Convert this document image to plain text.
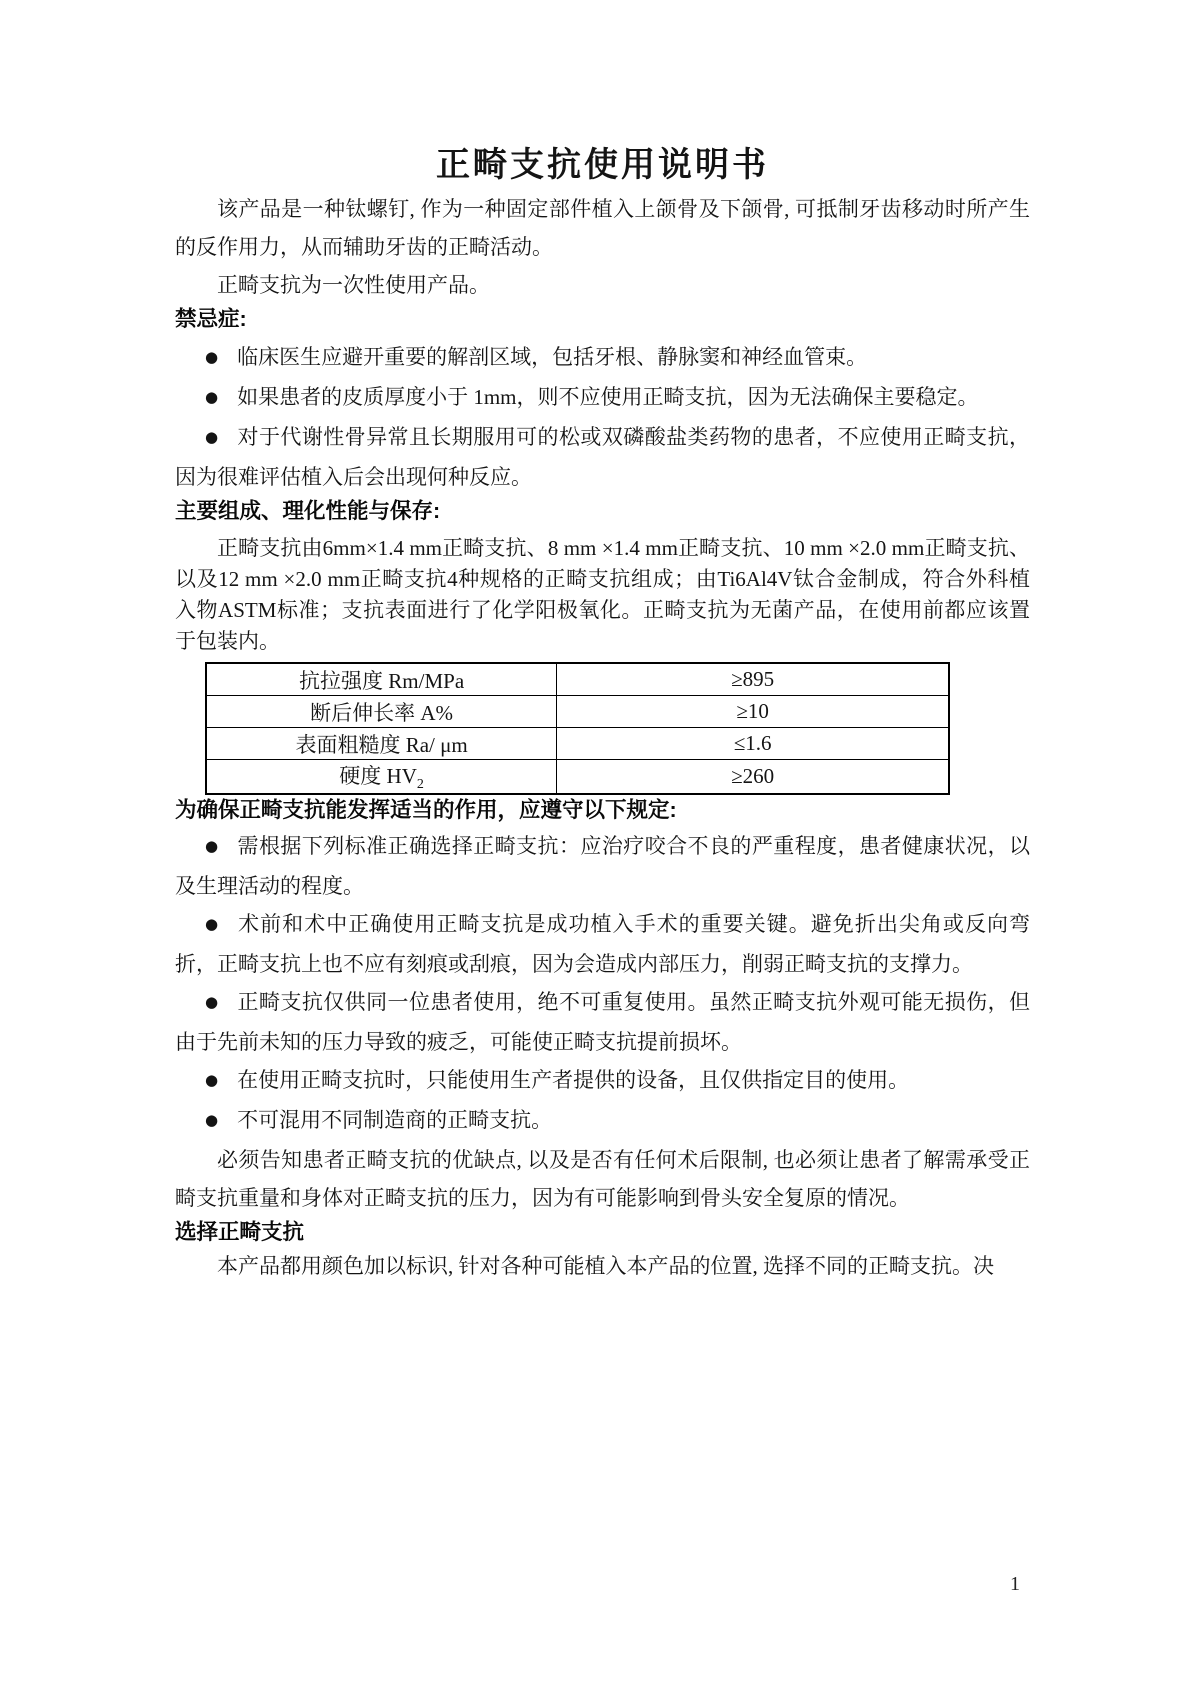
正畸支抗使用说明书

该产品是一种钛螺钉, 作为一种固定部件植入上颌骨及下颌骨, 可抵制牙齿移动时所产生的反作用力，从而辅助牙齿的正畸活动。

正畸支抗为一次性使用产品。

禁忌症:

● 临床医生应避开重要的解剖区域，包括牙根、静脉窦和神经血管束。

● 如果患者的皮质厚度小于 1mm，则不应使用正畸支抗，因为无法确保主要稳定。

● 对于代谢性骨异常且长期服用可的松或双磷酸盐类药物的患者，不应使用正畸支抗，因为很难评估植入后会出现何种反应。

主要组成、理化性能与保存:

正畸支抗由6mm×1.4 mm正畸支抗、8 mm ×1.4 mm正畸支抗、10 mm ×2.0 mm正畸支抗、以及12 mm ×2.0 mm正畸支抗4种规格的正畸支抗组成；由Ti6Al4V钛合金制成，符合外科植入物ASTM标准；支抗表面进行了化学阳极氧化。正畸支抗为无菌产品，在使用前都应该置于包装内。

抗拉强度 Rm/MPa	≥895
断后伸长率 A%	≥10
表面粗糙度 Ra/ μm	≤1.6
硬度 $HV_2$	≥260
为确保正畸支抗能发挥适当的作用，应遵守以下规定:

● 需根据下列标准正确选择正畸支抗：应治疗咬合不良的严重程度，患者健康状况，以及生理活动的程度。

● 术前和术中正确使用正畸支抗是成功植入手术的重要关键。避免折出尖角或反向弯折，正畸支抗上也不应有刻痕或刮痕，因为会造成内部压力，削弱正畸支抗的支撑力。

● 正畸支抗仅供同一位患者使用，绝不可重复使用。虽然正畸支抗外观可能无损伤，但由于先前未知的压力导致的疲乏，可能使正畸支抗提前损坏。

● 在使用正畸支抗时，只能使用生产者提供的设备，且仅供指定目的使用。

● 不可混用不同制造商的正畸支抗。

必须告知患者正畸支抗的优缺点, 以及是否有任何术后限制, 也必须让患者了解需承受正畸支抗重量和身体对正畸支抗的压力，因为有可能影响到骨头安全复原的情况。

选择正畸支抗

本产品都用颜色加以标识, 针对各种可能植入本产品的位置, 选择不同的正畸支抗。决

1
